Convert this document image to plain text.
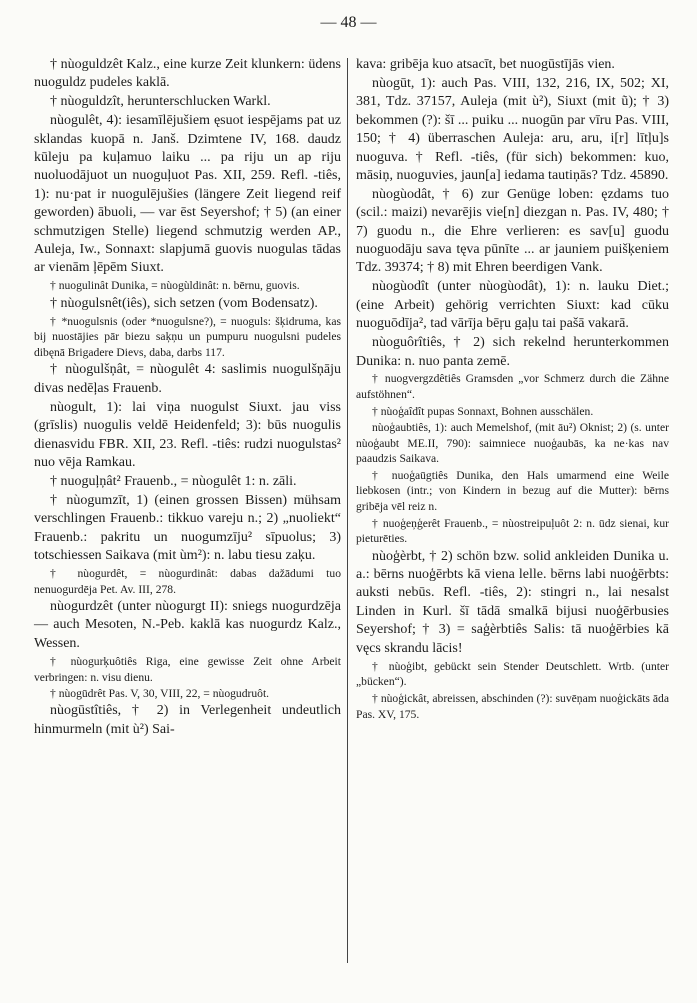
— 48 —

† nùoguldzêt Kalz., eine kurze Zeit klunkern: üdens nuoguldz pudeles kaklā.

† nùoguldzît, herunterschlucken Warkl.

nùogulêt, 4): iesamīlējušiem ęsuot iespējams pat uz sklandas kuopā n. Janš. Dzimtene IV, 168. daudz kūleju pa kuļamuo laiku ... pa riju un ap riju nuoluodājuot un nuoguļuot Pas. XII, 259. Refl. -tiês, 1): nu·pat ir nuogulējušies (längere Zeit liegend reif geworden) ābuoli, — var ēst Seyershof; † 5) (an einer schmutzigen Stelle) liegend schmutzig werden AP., Auleja, Iw., Sonnaxt: slapjumā guovis nuogulas tādas ar vienām ļēpēm Siuxt.

† nuogulinât Dunika, = nùogùldinât: n. bērnu, guovis.

† nùogulsnêt(iês), sich setzen (vom Bodensatz).

† *nuogulsnis (oder *nuogulsne?), = nuoguls: šķidruma, kas bij nuostājies pār biezu saķņu un pumpuru nuogulsni pudeles dibęnā Brigadere Dievs, daba, darbs 117.

† nùogulšņât, = nùogulêt 4: saslimis nuogulšņāju divas nedēļas Frauenb.

nùogult, 1): lai viņa nuogulst Siuxt. jau viss (grīslis) nuogulis veldē Heidenfeld; 3): būs nuogulis dienasvidu FBR. XII, 23. Refl. -tiês: rudzi nuogulstas² nuo vēja Ramkau.

† nuoguļņât² Frauenb., = nùogulêt 1: n. zāli.

† nùogumzīt, 1) (einen grossen Bissen) mühsam verschlingen Frauenb.: tikkuo vareju n.; 2) „nuoliekt“ Frauenb.: pakritu un nuogumzīju² sīpuolus; 3) totschiessen Saikava (mit ùm²): n. labu tiesu zaķu.

† nùogurdêt, = nùogurdinât: dabas dažādumi tuo nenuogurdēja Pet. Av. III, 278.

nùogurdzêt (unter nùogurgt II): sniegs nuogurdzēja — auch Mesoten, N.-Peb. kaklā kas nuogurdz Kalz., Wessen.

† nùogurķuôtiês Riga, eine gewisse Zeit ohne Arbeit verbringen: n. visu dienu.

† nùogūdrêt Pas. V, 30, VIII, 22, = nùogudruôt.

nùogūstîtiês, † 2) in Verlegenheit undeutlich hinmurmeln (mit ù²) Sai-

kava: gribēja kuo atsacīt, bet nuogūstījās vien.

nùogūt, 1): auch Pas. VIII, 132, 216, IX, 502; XI, 381, Tdz. 37157, Auleja (mit ù²), Siuxt (mit ũ); † 3) bekommen (?): šī ... puiku ... nuogūn par vīru Pas. VIII, 150; † 4) überraschen Auleja: aru, aru, i[r] lītļu]s nuoguva. † Refl. -tiês, (für sich) bekommen: kuo, māsiņ, nuoguvies, jaun[a] iedama tautiņās? Tdz. 45890.

nùogùodât, † 6) zur Genüge loben: ęzdams tuo (scil.: maizi) nevarējis vie[n] diezgan n. Pas. IV, 480; † 7) guodu n., die Ehre verlieren: es sav[u] guodu nuoguodāju sava tęva pūnīte ... ar jauniem puišķeniem Tdz. 39374; † 8) mit Ehren beerdigen Vank.

nùogùodît (unter nùogùodât), 1): n. lauku Diet.; (eine Arbeit) gehörig verrichten Siuxt: kad cūku nuoguōdīja², tad vārīja bēŗu gaļu tai pašā vakarā.

nùoguôrîtiês, † 2) sich rekelnd herunterkommen Dunika: n. nuo panta zemē.

† nuogvergzdêtiês Gramsden „vor Schmerz durch die Zähne aufstöhnen“.

† nùoģaîdît pupas Sonnaxt, Bohnen ausschälen.

nùoģaubtiês, 1): auch Memelshof, (mit āu²) Oknist; 2) (s. unter nùoģaubt ME.II, 790): saimniece nuoģaubās, ka ne·kas nav paaudzis Saikava.

† nuoģaūgtiês Dunika, den Hals umarmend eine Weile liebkosen (intr.; von Kindern in bezug auf die Mutter): bērns gribēja vēl reiz n.

† nuoģeņģerêt Frauenb., = nùostreipuļuôt 2: n. ūdz sienai, kur pieturēties.

nùoģèrbt, † 2) schön bzw. solid ankleiden Dunika u. a.: bērns nuoģērbts kā viena lelle. bērns labi nuoģērbts: auksti nebūs. Refl. -tiês, 2): stingri n., lai nesalst Linden in Kurl. šī tādā smalkā bijusi nuoģērbusies Seyershof; † 3) = saģèrbtiês Salis: tā nuoģērbies kā vęcs skrandu lācis!

† nùoģibt, gebückt sein Stender Deutschlett. Wrtb. (unter „bücken“).

† nùoģickât, abreissen, abschinden (?): suvēņam nuoģickāts āda Pas. XV, 175.
